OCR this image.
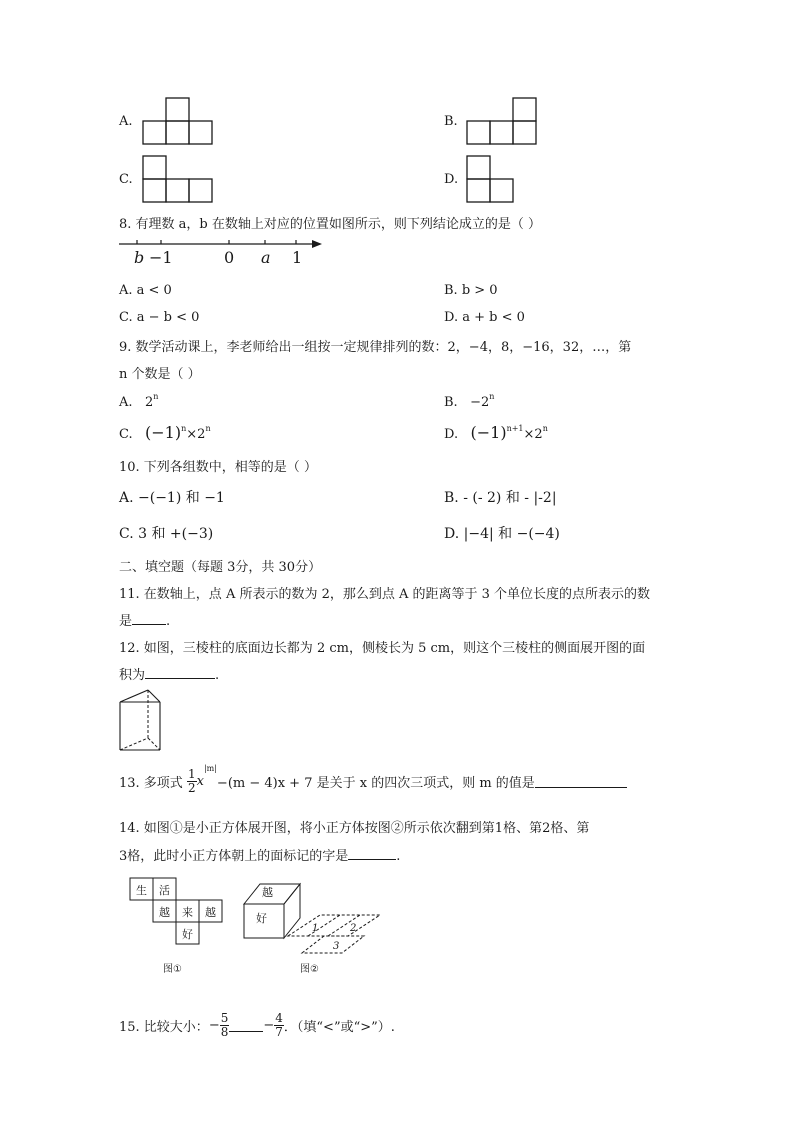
A.	B.
C.	D.
8. 有理数 a，b 在数轴上对应的位置如图所示，则下列结论成立的是（ ）
b −1	0 a 1
A. a < 0	B. b > 0
C. a − b < 0	D. a + b < 0
9. 数学活动课上，李老师给出一组按一定规律排列的数：2，−4，8，−16，32，…，第
n 个数是（ ）
A. 2$^n$	B. $-2^n$
C. $(-1)^n\times 2^n$	D. $(-1)^{n+1}\times 2^n$
10. 下列各组数中，相等的是（ ）
A. −(−1) 和 −1	B. - (- 2) 和 - |-2|
C. 3 和 +(−3)	D. |−4| 和 −(−4)
二、填空题（每题 3分，共 30分）
11. 在数轴上，点 A 所表示的数为 2，那么到点 A 的距离等于 3 个单位长度的点所表示的数
是	.
12. 如图，三棱柱的底面边长都为 2 cm，侧棱长为 5 cm，则这个三棱柱的侧面展开图的面
积为	.
13. 多项式 $\frac{1}{2} x^{|m|}-(m - 4)x + 7$ 是关于 x 的四次三项式，则 m 的值是
14. 如图①是小正方体展开图，将小正方体按图②所示依次翻到第1格、第2格、第
3格，此时小正方体朝上的面标记的字是	.
生 活
越 来 越
好
图①
越
好
1	2
3
图②
15. 比较大小：− $\frac{5}{8}$	− $\frac{4}{7}$ ．（填“<”或“>”）.
